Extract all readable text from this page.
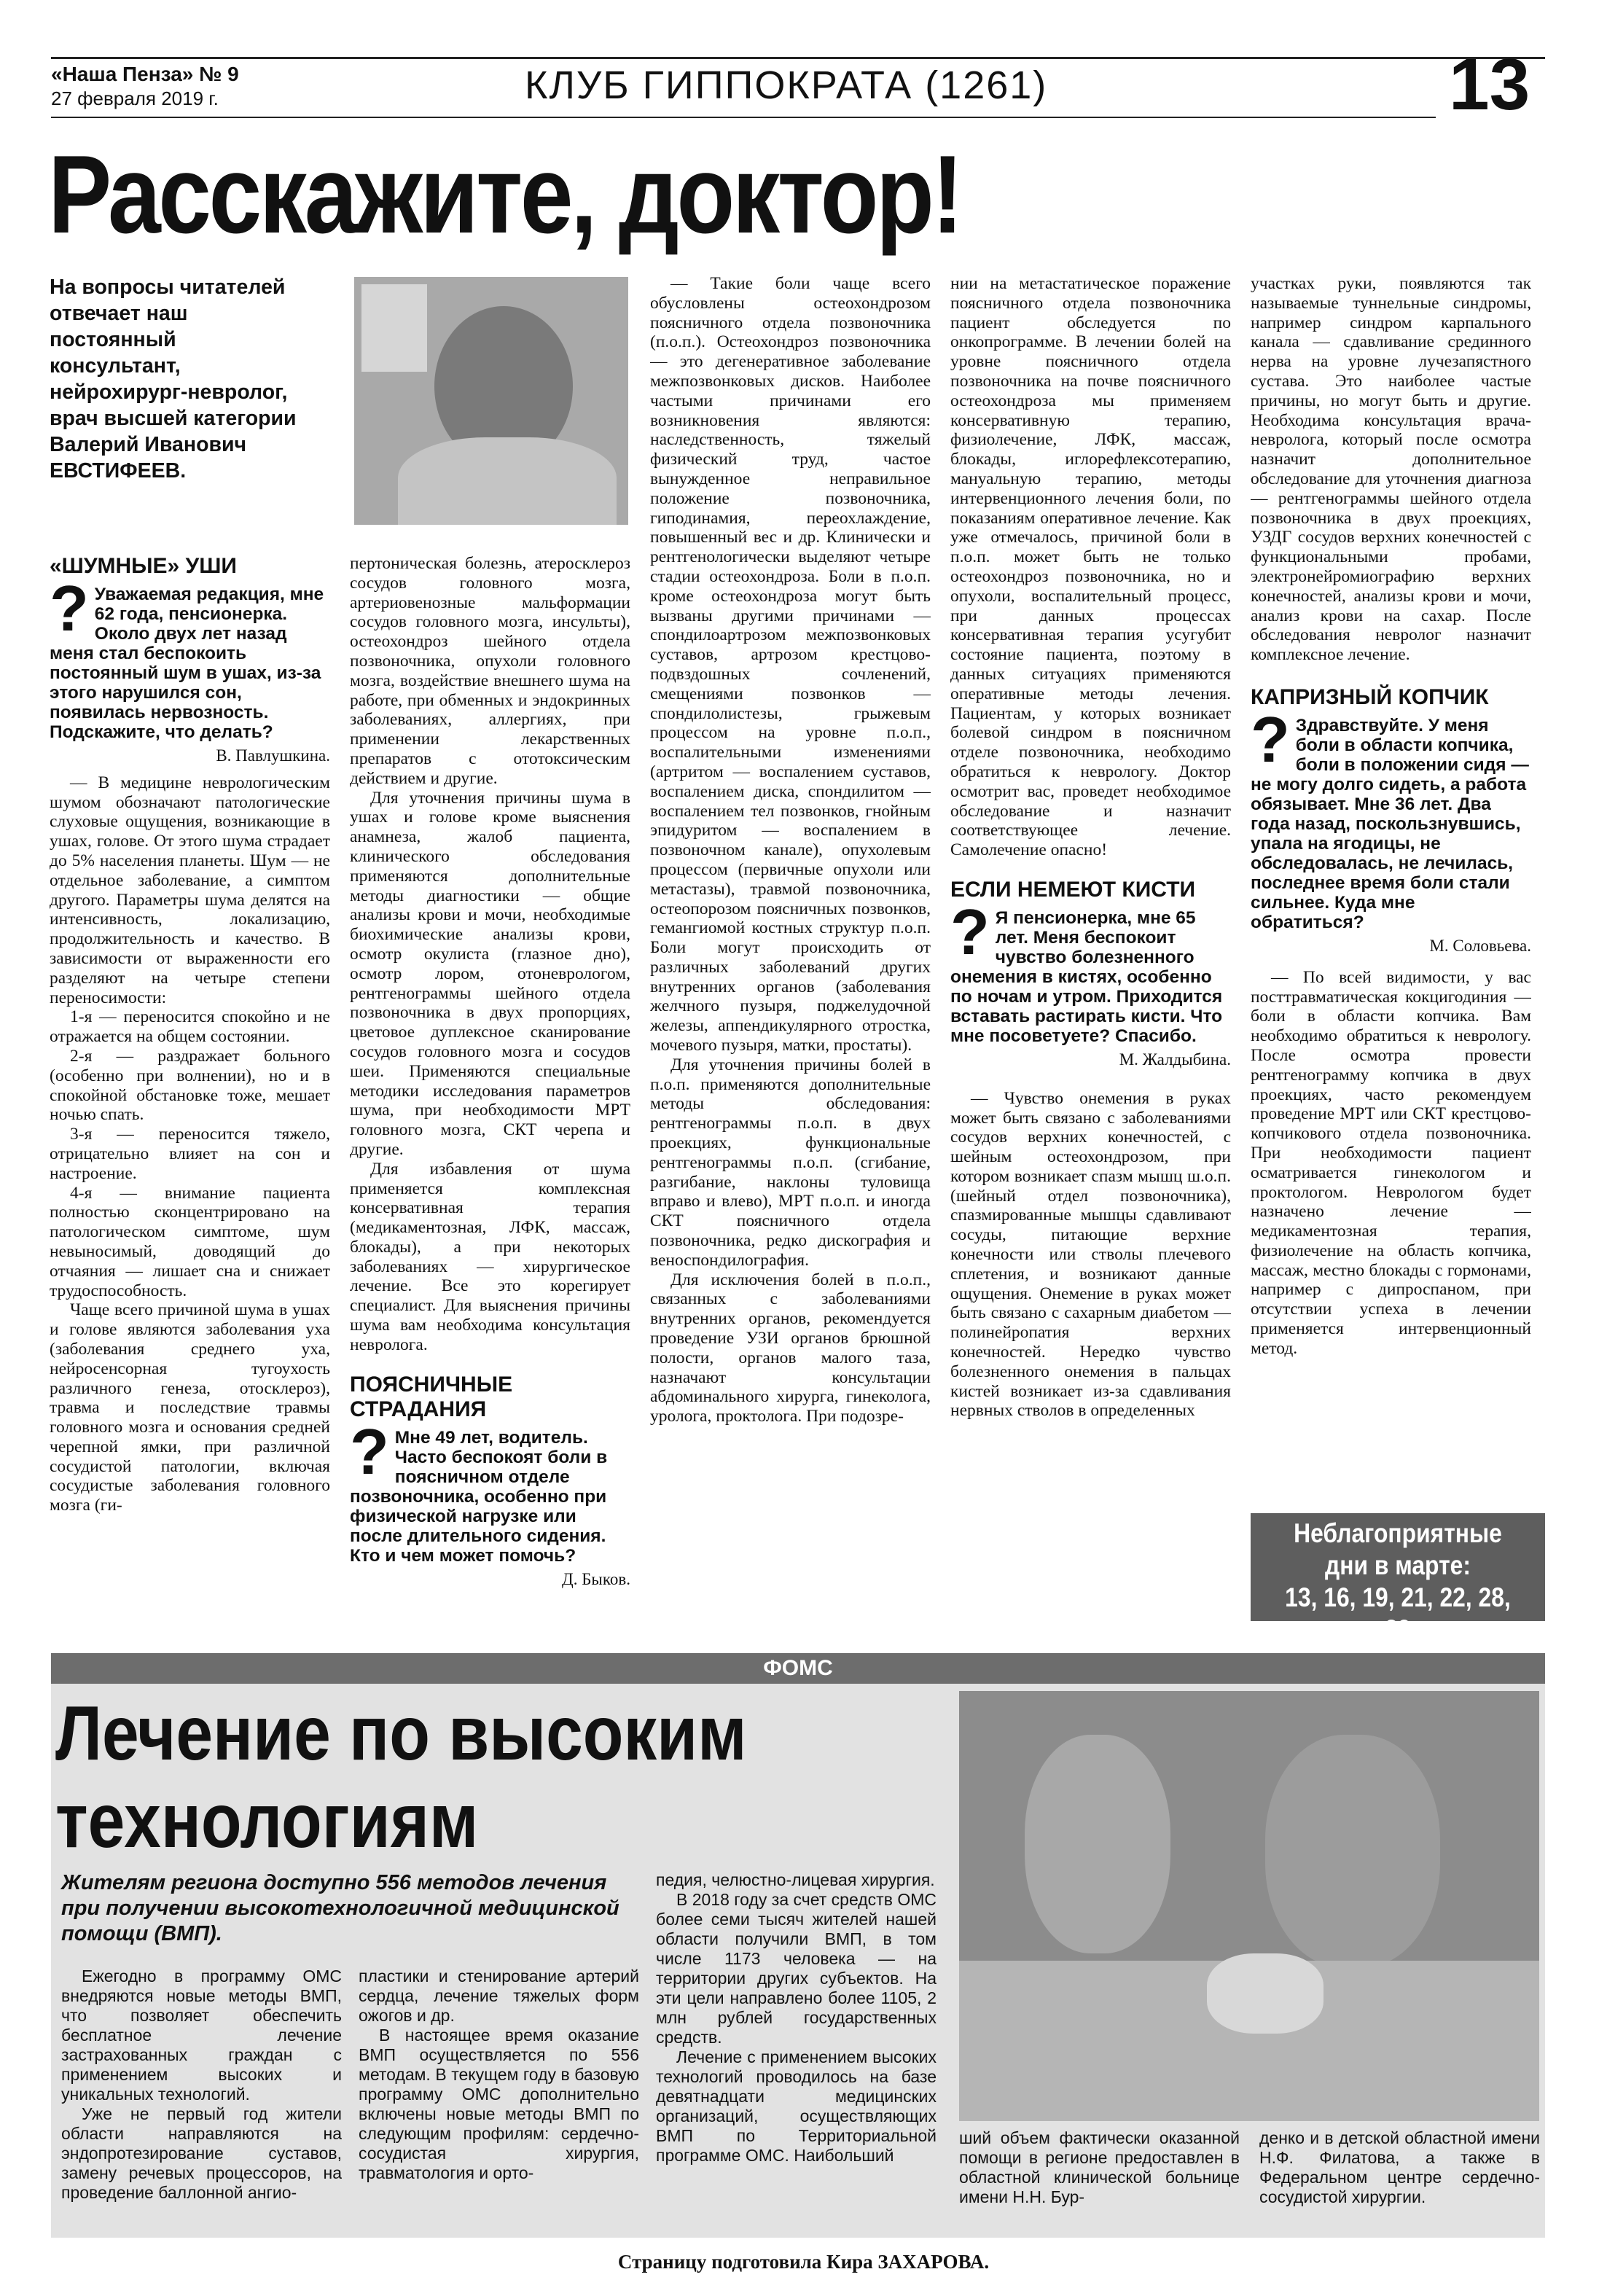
«Наша Пенза» № 9
27 февраля 2019 г.	КЛУБ ГИППОКРАТА (1261)	13
Расскажите, доктор!
На вопросы читателей отвечает наш постоянный консультант, нейрохирург-невролог, врач высшей категории Валерий Иванович ЕВСТИФЕЕВ.
«ШУМНЫЕ» УШИ
? Уважаемая редакция, мне 62 года, пенсионерка. Около двух лет назад меня стал беспокоить постоянный шум в ушах, из-за этого нарушился сон, появилась нервозность. Подскажите, что делать?
В. Павлушкина.

— В медицине неврологическим шумом обозначают патологические слуховые ощущения, возникающие в ушах, голове. От этого шума страдает до 5% населения планеты. Шум — не отдельное заболевание, а симптом другого. Параметры шума делятся на интенсивность, локализацию, продолжительность и качество. В зависимости от выраженности его разделяют на четыре степени переносимости:

1-я — переносится спокойно и не отражается на общем состоянии.

2-я — раздражает больного (особенно при волнении), но и в спокойной обстановке тоже, мешает ночью спать.

3-я — переносится тяжело, отрицательно влияет на сон и настроение.

4-я — внимание пациента полностью сконцентрировано на патологическом симптоме, шум невыносимый, доводящий до отчаяния — лишает сна и снижает трудоспособность.

Чаще всего причиной шума в ушах и голове являются заболевания уха (заболевания среднего уха, нейросенсорная тугоухость различного генеза, отосклероз), травма и последствие травмы головного мозга и основания средней черепной ямки, при различной сосудистой патологии, включая сосудистые заболевания головного мозга (ги-

пертоническая болезнь, атеросклероз сосудов головного мозга, артериовенозные мальформации сосудов головного мозга, инсульты), остеохондроз шейного отдела позвоночника, опухоли головного мозга, воздействие внешнего шума на работе, при обменных и эндокринных заболеваниях, аллергиях, при применении лекарственных препаратов с ототоксическим действием и другие.

Для уточнения причины шума в ушах и голове кроме выяснения анамнеза, жалоб пациента, клинического обследования применяются дополнительные методы диагностики — общие анализы крови и мочи, необходимые биохимические анализы крови, осмотр окулиста (глазное дно), осмотр лором, отоневрологом, рентгенограммы шейного отдела позвоночника в двух пропорциях, цветовое дуплексное сканирование сосудов головного мозга и сосудов шеи. Применяются специальные методики исследования параметров шума, при необходимости МРТ головного мозга, СКТ черепа и другие.

Для избавления от шума применяется комплексная консервативная терапия (медикаментозная, ЛФК, массаж, блокады), а при некоторых заболеваниях — хирургическое лечение. Все это корегирует специалист. Для выяснения причины шума вам необходима консультация невролога.

ПОЯСНИЧНЫЕ СТРАДАНИЯ
? Мне 49 лет, водитель. Часто беспокоят боли в поясничном отделе позвоночника, особенно при физической нагрузке или после длительного сидения. Кто и чем может помочь?
Д. Быков.

— Такие боли чаще всего обусловлены остеохондрозом поясничного отдела позвоночника (п.о.п.). Остеохондроз позвоночника — это дегенеративное заболевание межпозвонковых дисков. Наиболее частыми причинами его возникновения являются: наследственность, тяжелый физический труд, частое вынужденное неправильное положение позвоночника, гиподинамия, переохлаждение, повышенный вес и др. Клинически и рентгенологически выделяют четыре стадии остеохондроза. Боли в п.о.п. кроме остеохондроза могут быть вызваны другими причинами — спондилоартрозом межпозвонковых суставов, артрозом крестцово-подвздошных сочленений, смещениями позвонков — спондилолистезы, грыжевым процессом на уровне п.о.п., воспалительными изменениями (артритом — воспалением суставов, воспалением диска, спондилитом — воспалением тел позвонков, гнойным эпидуритом — воспалением в позвоночном канале), опухолевым процессом (первичные опухоли или метастазы), травмой позвоночника, остеопорозом поясничных позвонков, гемангиомой костных структур п.о.п. Боли могут происходить от различных заболеваний других внутренних органов (заболевания желчного пузыря, поджелудочной железы, аппендикулярного отростка, мочевого пузыря, матки, простаты).

Для уточнения причины болей в п.о.п. применяются дополнительные методы обследования: рентгенограммы п.о.п. в двух проекциях, функциональные рентгенограммы п.о.п. (сгибание, разгибание, наклоны туловища вправо и влево), МРТ п.о.п. и иногда СКТ поясничного отдела позвоночника, редко дискография и веноспондилография.

Для исключения болей в п.о.п., связанных с заболеваниями внутренних органов, рекомендуется проведение УЗИ органов брюшной полости, органов малого таза, назначают консультации абдоминального хирурга, гинеколога, уролога, проктолога. При подозре-

нии на метастатическое поражение поясничного отдела позвоночника пациент обследуется по онкопрограмме. В лечении болей на уровне поясничного отдела позвоночника на почве поясничного остеохондроза мы применяем консервативную терапию, физиолечение, ЛФК, массаж, блокады, иглорефлексотерапию, мануальную терапию, методы интервенционного лечения боли, по показаниям оперативное лечение. Как уже отмечалось, причиной боли в п.о.п. может быть не только остеохондроз позвоночника, но и опухоли, воспалительный процесс, при данных процессах консервативная терапия усугубит состояние пациента, поэтому в данных ситуациях применяются оперативные методы лечения. Пациентам, у которых возникает болевой синдром в поясничном отделе позвоночника, необходимо обратиться к неврологу. Доктор осмотрит вас, проведет необходимое обследование и назначит соответствующее лечение. Самолечение опасно!

ЕСЛИ НЕМЕЮТ КИСТИ
? Я пенсионерка, мне 65 лет. Меня беспокоит чувство болезненного онемения в кистях, особенно по ночам и утром. Приходится вставать растирать кисти. Что мне посоветуете? Спасибо.
М. Жалдыбина.

— Чувство онемения в руках может быть связано с заболеваниями сосудов верхних конечностей, с шейным остеохондрозом, при котором возникает спазм мышц ш.о.п. (шейный отдел позвоночника), спазмированные мышцы сдавливают сосуды, питающие верхние конечности или стволы плечевого сплетения, и возникают данные ощущения. Онемение в руках может быть связано с сахарным диабетом — полинейропатия верхних конечностей. Нередко чувство болезненного онемения в пальцах кистей возникает из-за сдавливания нервных стволов в определенных

участках руки, появляются так называемые туннельные синдромы, например синдром карпального канала — сдавливание срединного нерва на уровне лучезапястного сустава. Это наиболее частые причины, но могут быть и другие. Необходима консультация врача-невролога, который после осмотра назначит дополнительное обследование для уточнения диагноза — рентгенограммы шейного отдела позвоночника в двух проекциях, УЗДГ сосудов верхних конечностей с функциональными пробами, электронейромиографию верхних конечностей, анализы крови и мочи, анализ крови на сахар. После обследования невролог назначит комплексное лечение.

КАПРИЗНЫЙ КОПЧИК
? Здравствуйте. У меня боли в области копчика, боли в положении сидя — не могу долго сидеть, а работа обязывает. Мне 36 лет. Два года назад, поскользнувшись, упала на ягодицы, не обследовалась, не лечилась, последнее время боли стали сильнее. Куда мне обратиться?
М. Соловьева.

— По всей видимости, у вас посттравматическая кокцигодиния — боли в области копчика. Вам необходимо обратиться к неврологу. После осмотра провести рентгенограмму копчика в двух проекциях, часто рекомендуем проведение МРТ или СКТ крестцово-копчикового отдела позвоночника. При необходимости пациент осматривается гинекологом и проктологом. Неврологом будет назначено лечение — медикаментозная терапия, физиолечение на область копчика, массаж, местно блокады с гормонами, например с дипроспаном, при отсутствии успеха в лечении применяется интервенционный метод.

Неблагоприятные
дни в марте:
13, 16, 19, 21, 22, 28, 29
ФОМС
Лечение по высоким
технологиям
Жителям региона доступно 556 методов лечения при получении высокотехнологичной медицинской помощи (ВМП).

Ежегодно в программу ОМС внедряются новые методы ВМП, что позволяет обеспечить бесплатное лечение застрахованных граждан с применением высоких и уникальных технологий.

Уже не первый год жители области направляются на эндопротезирование суставов, замену речевых процессоров, на проведение баллонной ангио-

пластики и стенирование артерий сердца, лечение тяжелых форм ожогов и др.

В настоящее время оказание ВМП осуществляется по 556 методам. В текущем году в базовую программу ОМС дополнительно включены новые методы ВМП по следующим профилям: сердечно-сосудистая хирургия, травматология и орто-

педия, челюстно-лицевая хирургия.

В 2018 году за счет средств ОМС более семи тысяч жителей нашей области получили ВМП, в том числе 1173 человека — на территории других субъектов. На эти цели направлено более 1105, 2 млн рублей государственных средств.

Лечение с применением высоких технологий проводилось на базе девятнадцати медицинских организаций, осуществляющих ВМП по Территориальной программе ОМС. Наибольший

ший объем фактически оказанной помощи в регионе предоставлен в областной клинической больнице имени Н.Н. Бур-

денко и в детской областной имени Н.Ф. Филатова, а также в Федеральном центре сердечно-сосудистой хирургии.

Страницу подготовила Кира ЗАХАРОВА.
